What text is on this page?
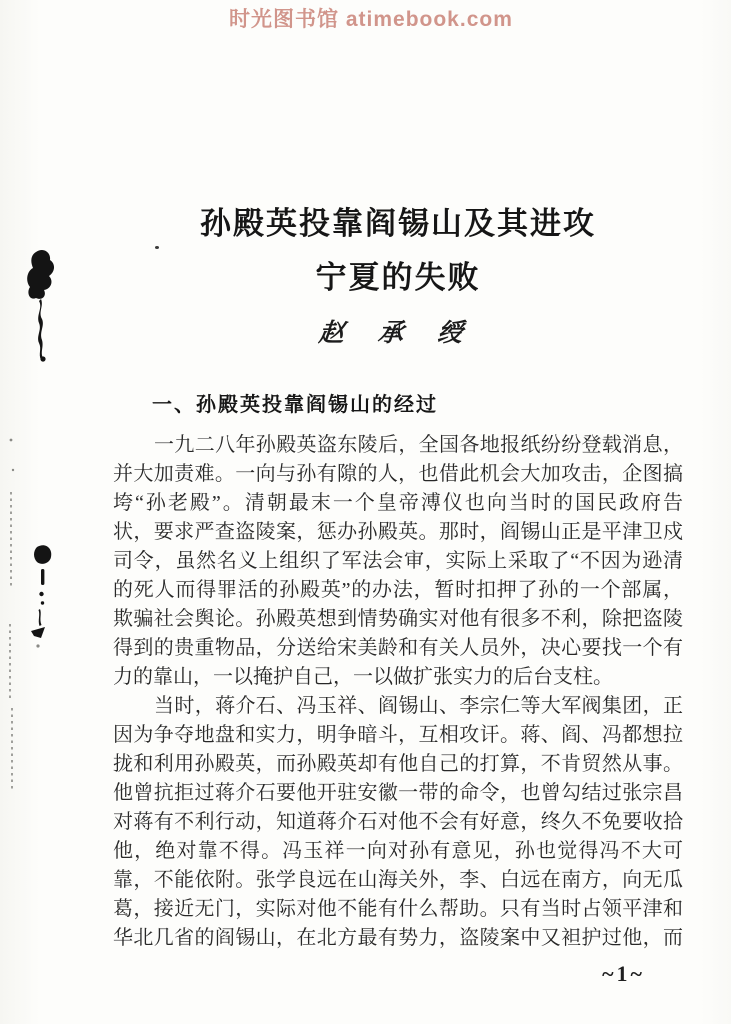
时光图书馆 atimebook.com
孙殿英投靠阎锡山及其进攻
宁夏的失败
赵 承 绶
一、孙殿英投靠阎锡山的经过
一九二八年孙殿英盗东陵后，全国各地报纸纷纷登载消息，
并大加责难。一向与孙有隙的人，也借此机会大加攻击，企图搞
垮“孙老殿”。清朝最末一个皇帝溥仪也向当时的国民政府告
状，要求严查盗陵案，惩办孙殿英。那时，阎锡山正是平津卫戍
司令，虽然名义上组织了军法会审，实际上采取了“不因为逊清
的死人而得罪活的孙殿英”的办法，暂时扣押了孙的一个部属，
欺骗社会舆论。孙殿英想到情势确实对他有很多不利，除把盗陵
得到的贵重物品，分送给宋美龄和有关人员外，决心要找一个有
力的靠山，一以掩护自己，一以做扩张实力的后台支柱。
当时，蒋介石、冯玉祥、阎锡山、李宗仁等大军阀集团，正
因为争夺地盘和实力，明争暗斗，互相攻讦。蒋、阎、冯都想拉
拢和利用孙殿英，而孙殿英却有他自己的打算，不肯贸然从事。
他曾抗拒过蒋介石要他开驻安徽一带的命令，也曾勾结过张宗昌
对蒋有不利行动，知道蒋介石对他不会有好意，终久不免要收拾
他，绝对靠不得。冯玉祥一向对孙有意见，孙也觉得冯不大可
靠，不能依附。张学良远在山海关外，李、白远在南方，向无瓜
葛，接近无门，实际对他不能有什么帮助。只有当时占领平津和
华北几省的阎锡山，在北方最有势力，盗陵案中又袒护过他，而
~1~
